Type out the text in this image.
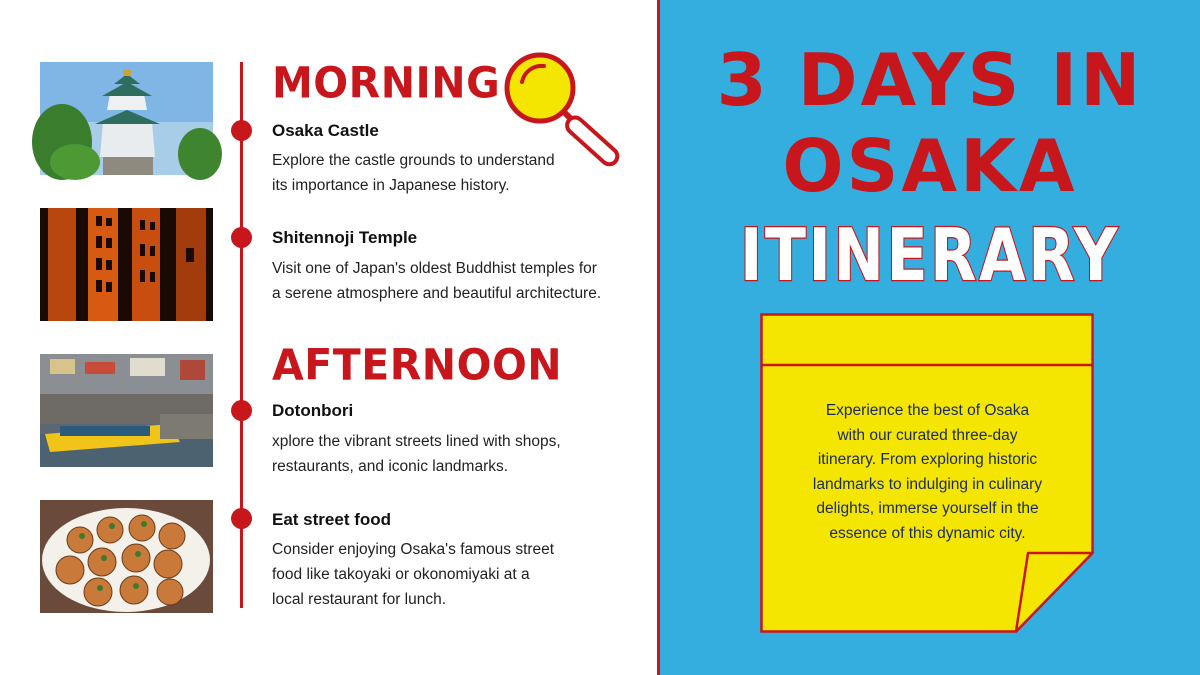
MORNING
AFTERNOON
Osaka Castle
Explore the castle grounds to understand
its importance in Japanese history.
Shitennoji Temple
Visit one of Japan's oldest Buddhist temples for
a serene atmosphere and beautiful architecture.
Dotonbori
xplore the vibrant streets lined with shops,
restaurants, and iconic landmarks.
Eat street food
Consider enjoying Osaka's famous street
food like takoyaki or okonomiyaki at a
local restaurant for lunch.
3 DAYS IN
OSAKA
ITINERARY
Experience the best of Osaka
with our curated three-day
itinerary. From exploring historic
landmarks to indulging in culinary
delights, immerse yourself in the
essence of this dynamic city.
